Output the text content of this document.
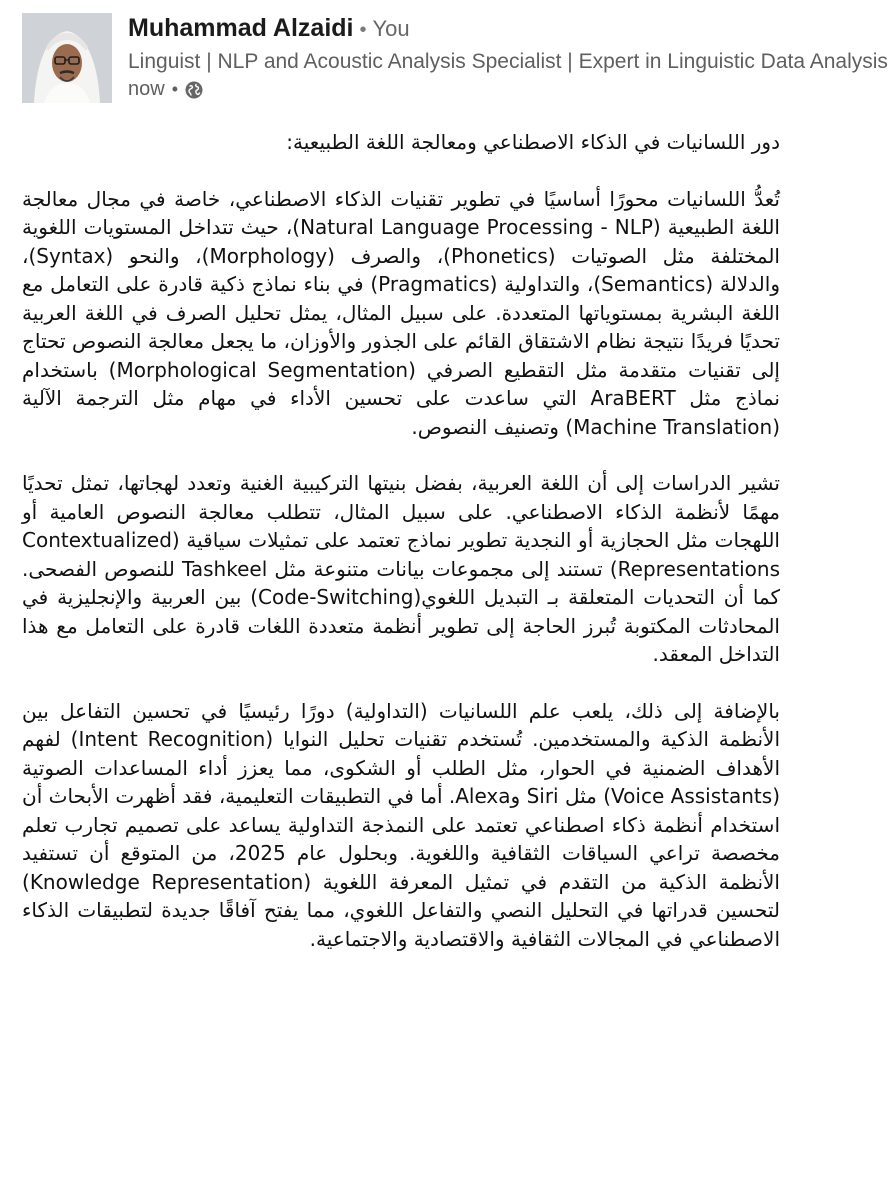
Muhammad Alzaidi • You
Linguist | NLP and Acoustic Analysis Specialist | Expert in Linguistic Data Analysis
now •

دور اللسانيات في الذكاء الاصطناعي ومعالجة اللغة الطبيعية:

تُعدُّ اللسانيات محورًا أساسيًا في تطوير تقنيات الذكاء الاصطناعي، خاصة في مجال معالجة اللغة الطبيعية (Natural Language Processing - NLP)، حيث تتداخل المستويات اللغوية المختلفة مثل الصوتيات (Phonetics)، والصرف (Morphology)، والنحو (Syntax)، والدلالة (Semantics)، والتداولية (Pragmatics) في بناء نماذج ذكية قادرة على التعامل مع اللغة البشرية بمستوياتها المتعددة. على سبيل المثال، يمثل تحليل الصرف في اللغة العربية تحديًا فريدًا نتيجة نظام الاشتقاق القائم على الجذور والأوزان، ما يجعل معالجة النصوص تحتاج إلى تقنيات متقدمة مثل التقطيع الصرفي (Morphological Segmentation) باستخدام نماذج مثل AraBERT التي ساعدت على تحسين الأداء في مهام مثل الترجمة الآلية (Machine Translation) وتصنيف النصوص.

تشير الدراسات إلى أن اللغة العربية، بفضل بنيتها التركيبية الغنية وتعدد لهجاتها، تمثل تحديًا مهمًا لأنظمة الذكاء الاصطناعي. على سبيل المثال، تتطلب معالجة النصوص العامية أو اللهجات مثل الحجازية أو النجدية تطوير نماذج تعتمد على تمثيلات سياقية (Contextualized Representations) تستند إلى مجموعات بيانات متنوعة مثل Tashkeel للنصوص الفصحى. كما أن التحديات المتعلقة بـ التبديل اللغوي(Code-Switching) بين العربية والإنجليزية في المحادثات المكتوبة تُبرز الحاجة إلى تطوير أنظمة متعددة اللغات قادرة على التعامل مع هذا التداخل المعقد.

بالإضافة إلى ذلك، يلعب علم اللسانيات (التداولية) دورًا رئيسيًا في تحسين التفاعل بين الأنظمة الذكية والمستخدمين. تُستخدم تقنيات تحليل النوايا (Intent Recognition) لفهم الأهداف الضمنية في الحوار، مثل الطلب أو الشكوى، مما يعزز أداء المساعدات الصوتية (Voice Assistants) مثل Siri وAlexa. أما في التطبيقات التعليمية، فقد أظهرت الأبحاث أن استخدام أنظمة ذكاء اصطناعي تعتمد على النمذجة التداولية يساعد على تصميم تجارب تعلم مخصصة تراعي السياقات الثقافية واللغوية. وبحلول عام 2025، من المتوقع أن تستفيد الأنظمة الذكية من التقدم في تمثيل المعرفة اللغوية (Knowledge Representation) لتحسين قدراتها في التحليل النصي والتفاعل اللغوي، مما يفتح آفاقًا جديدة لتطبيقات الذكاء الاصطناعي في المجالات الثقافية والاقتصادية والاجتماعية.
